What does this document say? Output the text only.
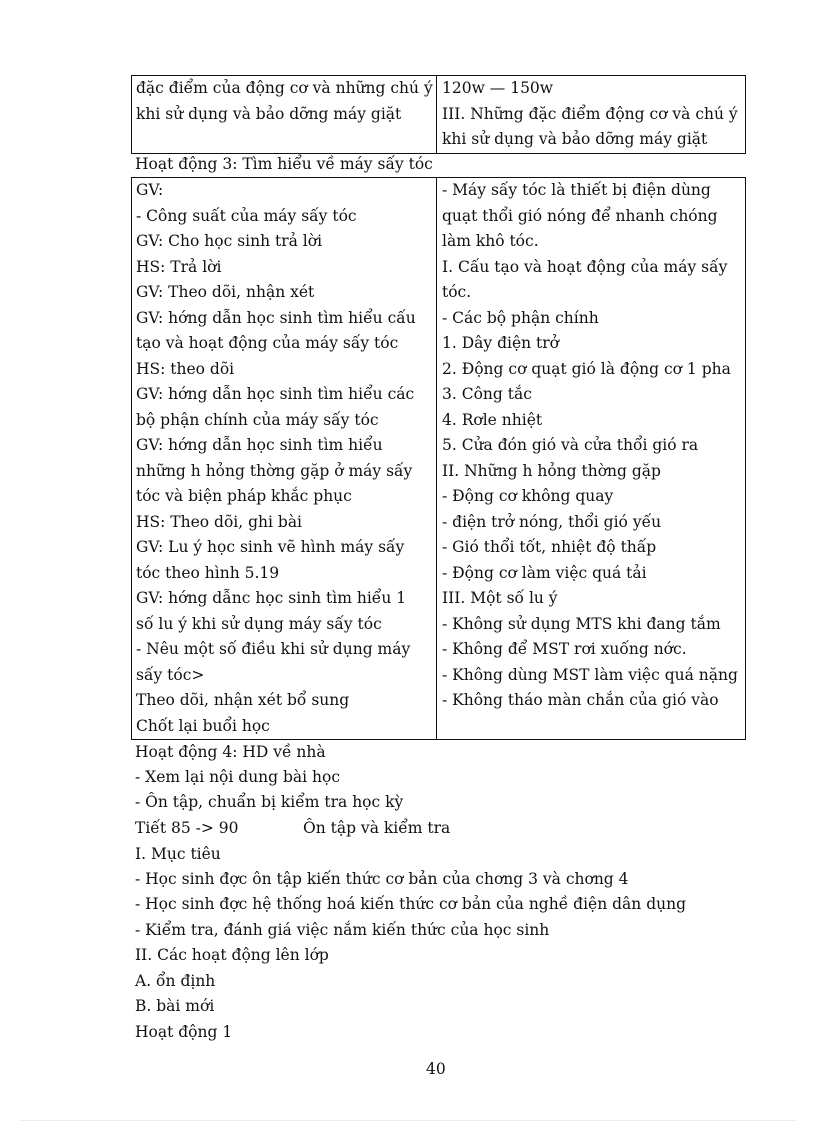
đặc điểm của động cơ và những chú ý
khi sử dụng và bảo dỡng máy giặt
120w — 150w
III. Những đặc điểm động cơ và chú ý
khi sử dụng và bảo dỡng máy giặt
Hoạt động 3: Tìm hiểu về máy sấy tóc
GV:
- Công suất của máy sấy tóc
GV: Cho học sinh trả lời
HS: Trả lời
GV: Theo dõi, nhận xét
GV: hớng dẫn học sinh tìm hiểu cấu
tạo và hoạt động của máy sấy tóc
HS: theo dõi
GV: hớng dẫn học sinh tìm hiểu các
bộ phận chính của máy sấy tóc
GV: hớng dẫn học sinh tìm hiểu
những h hỏng thờng gặp ở máy sấy
tóc và biện pháp khắc phục
HS: Theo dõi, ghi bài
GV: Lu ý học sinh vẽ hình máy sấy
tóc theo hình 5.19
GV: hớng dẫnc học sinh tìm hiểu 1
số lu ý khi sử dụng máy sấy tóc
- Nêu một số điều khi sử dụng máy
sấy tóc>
Theo dõi, nhận xét bổ sung
Chốt lại buổi học
- Máy sấy tóc là thiết bị điện dùng
quạt thổi gió nóng để nhanh chóng
làm khô tóc.
I. Cấu tạo và hoạt động của máy sấy
tóc.
- Các bộ phận chính
1. Dây điện trở
2. Động cơ quạt gió là động cơ 1 pha
3. Công tắc
4. Rơle nhiệt
5. Cửa đón gió và cửa thổi gió ra
II. Những h hỏng thờng gặp
- Động cơ không quay
- điện trở nóng, thổi gió yếu
- Gió thổi tốt, nhiệt độ thấp
- Động cơ làm việc quá tải
III. Một số lu ý
- Không sử dụng MTS khi đang tắm
- Không để MST rơi xuống nớc.
- Không dùng MST làm việc quá nặng
- Không tháo màn chắn của gió vào
Hoạt động 4: HD về nhà
- Xem lại nội dung bài học
- Ôn tập, chuẩn bị kiểm tra học kỳ
Tiết 85 -> 90	Ôn tập và kiểm tra
I. Mục tiêu
- Học sinh đợc ôn tập kiến thức cơ bản của chơng 3 và chơng 4
- Học sinh đợc hệ thống hoá kiến thức cơ bản của nghề điện dân dụng
- Kiểm tra, đánh giá việc nắm kiến thức của học sinh
II. Các hoạt động lên lớp
A. ổn định
B. bài mới
Hoạt động 1
40
